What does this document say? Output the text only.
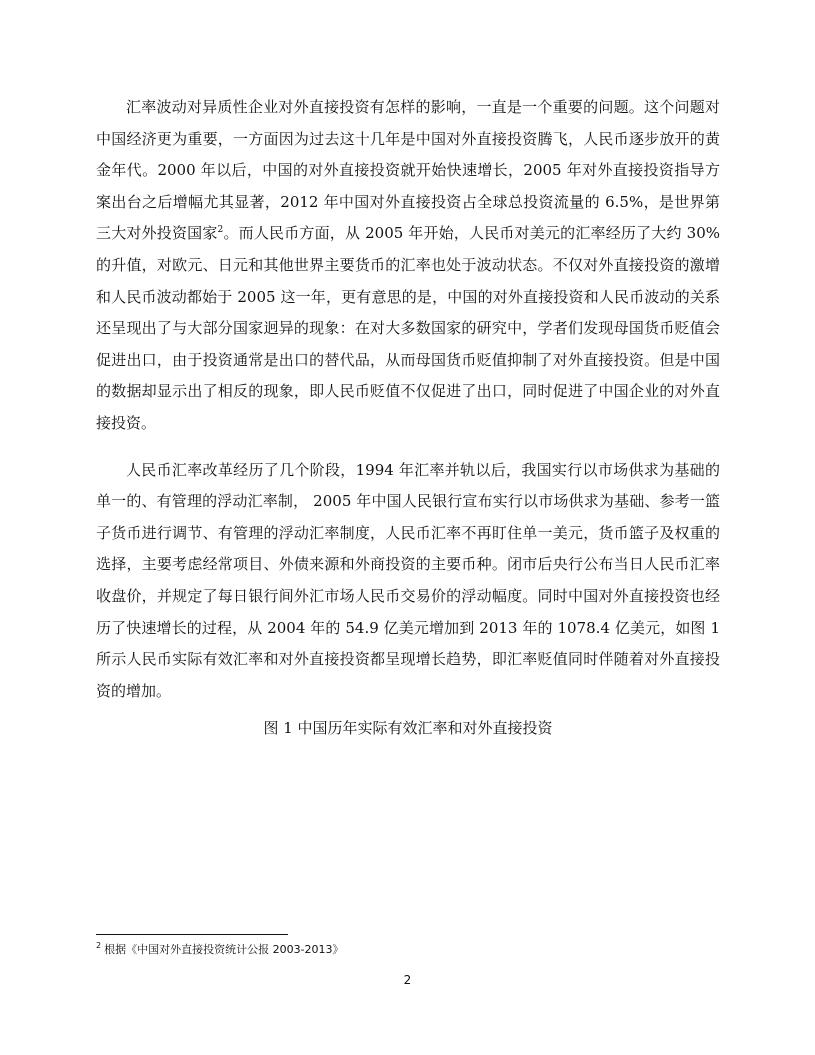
汇率波动对异质性企业对外直接投资有怎样的影响，一直是一个重要的问题。这个问题对中国经济更为重要，一方面因为过去这十几年是中国对外直接投资腾飞，人民币逐步放开的黄金年代。2000 年以后，中国的对外直接投资就开始快速增长，2005 年对外直接投资指导方案出台之后增幅尤其显著，2012 年中国对外直接投资占全球总投资流量的 6.5%，是世界第三大对外投资国家$^2$。而人民币方面，从 2005 年开始，人民币对美元的汇率经历了大约 30%的升值，对欧元、日元和其他世界主要货币的汇率也处于波动状态。不仅对外直接投资的激增和人民币波动都始于 2005 这一年，更有意思的是，中国的对外直接投资和人民币波动的关系还呈现出了与大部分国家迥异的现象：在对大多数国家的研究中，学者们发现母国货币贬值会促进出口，由于投资通常是出口的替代品，从而母国货币贬值抑制了对外直接投资。但是中国的数据却显示出了相反的现象，即人民币贬值不仅促进了出口，同时促进了中国企业的对外直接投资。

人民币汇率改革经历了几个阶段，1994 年汇率并轨以后，我国实行以市场供求为基础的单一的、有管理的浮动汇率制， 2005 年中国人民银行宣布实行以市场供求为基础、参考一篮子货币进行调节、有管理的浮动汇率制度，人民币汇率不再盯住单一美元，货币篮子及权重的选择，主要考虑经常项目、外债来源和外商投资的主要币种。闭市后央行公布当日人民币汇率收盘价，并规定了每日银行间外汇市场人民币交易价的浮动幅度。同时中国对外直接投资也经历了快速增长的过程，从 2004 年的 54.9 亿美元增加到 2013 年的 1078.4 亿美元，如图 1 所示人民币实际有效汇率和对外直接投资都呈现增长趋势，即汇率贬值同时伴随着对外直接投资的增加。

图 1 中国历年实际有效汇率和对外直接投资
$^2$ 根据《中国对外直接投资统计公报 2003-2013》
2
